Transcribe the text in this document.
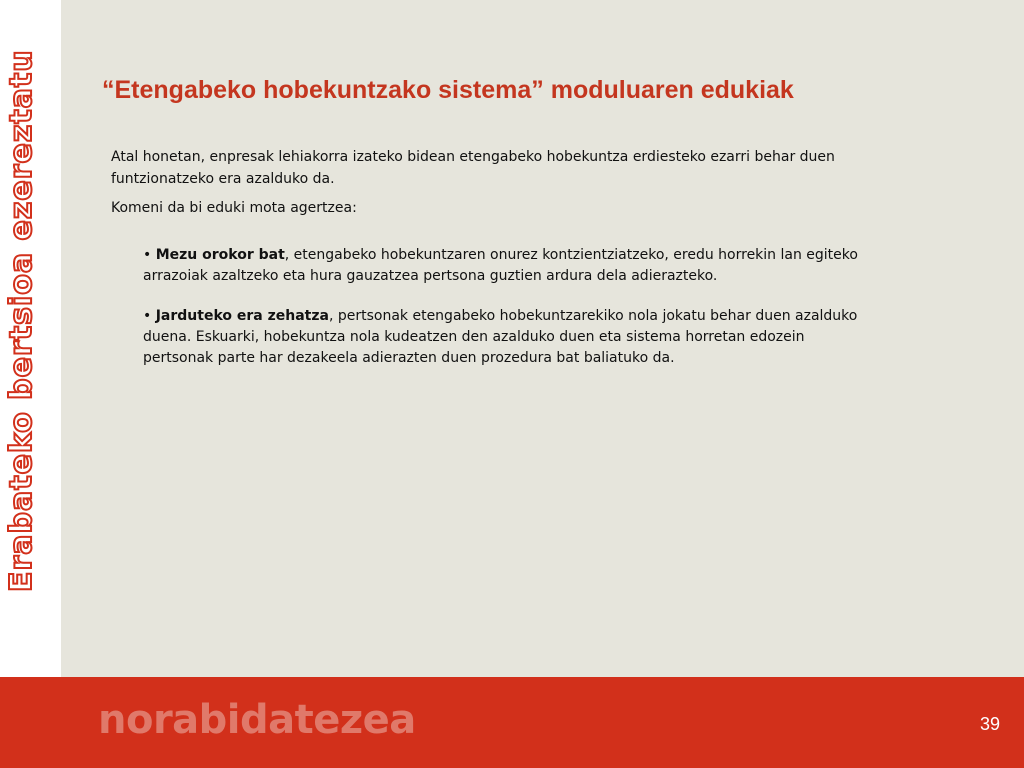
Erabateko bertsioa ezereztatu	“Etengabeko hobekuntzako sistema” moduluaren edukiak

Atal honetan, enpresak lehiakorra izateko bidean etengabeko hobekuntza erdiesteko ezarri behar duen funtzionatzeko era azalduko da.

Komeni da bi eduki mota agertzea:

• Mezu orokor bat, etengabeko hobekuntzaren onurez kontzientziatzeko, eredu horrekin lan egiteko arrazoiak azaltzeko eta hura gauzatzea pertsona guztien ardura dela adierazteko.

• Jarduteko era zehatza, pertsonak etengabeko hobekuntzarekiko nola jokatu behar duen azalduko duena. Eskuarki, hobekuntza nola kudeatzen den azalduko duen eta sistema horretan edozein pertsonak parte har dezakeela adierazten duen prozedura bat baliatuko da.

norabidatezea	39
